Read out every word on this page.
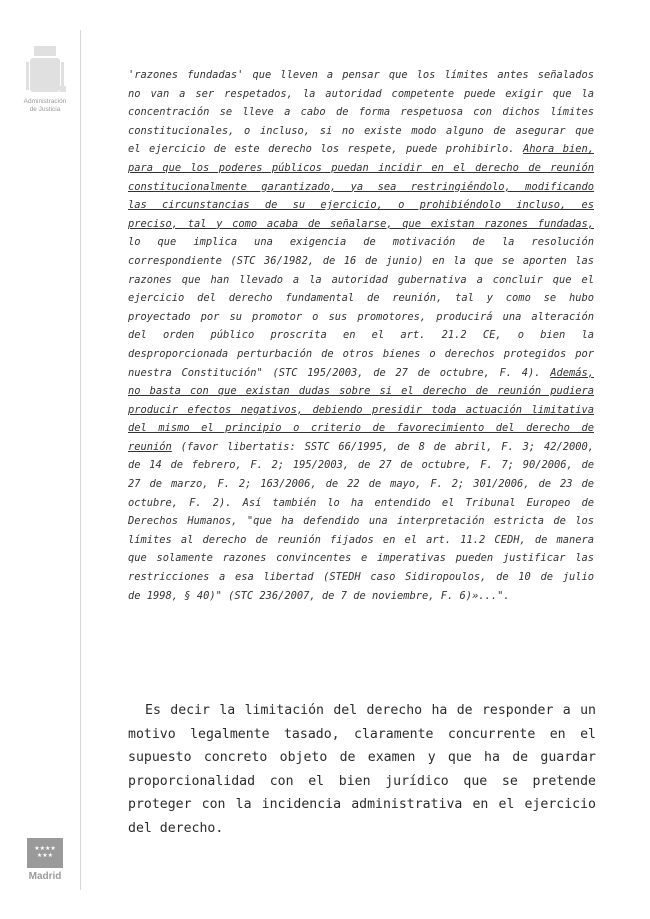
Administración de Justicia
★★★★
★★★
Madrid
'razones fundadas' que lleven a pensar que los límites antes señalados
no van a ser respetados, la autoridad competente puede exigir que la
concentración se lleve a cabo de forma respetuosa con dichos límites
constitucionales, o incluso, si no existe modo alguno de asegurar que
el ejercicio de este derecho los respete, puede prohibirlo. Ahora bien,
para que los poderes públicos puedan incidir en el derecho de reunión
constitucionalmente garantizado, ya sea restringiéndolo, modificando
las circunstancias de su ejercicio, o prohibiéndolo incluso, es
preciso, tal y como acaba de señalarse, que existan razones fundadas,
lo que implica una exigencia de motivación de la resolución
correspondiente (STC 36/1982, de 16 de junio) en la que se aporten las
razones que han llevado a la autoridad gubernativa a concluir que el
ejercicio del derecho fundamental de reunión, tal y como se hubo
proyectado por su promotor o sus promotores, producirá una alteración
del orden público proscrita en el art. 21.2 CE, o bien la
desproporcionada perturbación de otros bienes o derechos protegidos por
nuestra Constitución" (STC 195/2003, de 27 de octubre, F. 4). Además,
no basta con que existan dudas sobre si el derecho de reunión pudiera
producir efectos negativos, debiendo presidir toda actuación limitativa
del mismo el principio o criterio de favorecimiento del derecho de
reunión (favor libertatis: SSTC 66/1995, de 8 de abril, F. 3; 42/2000,
de 14 de febrero, F. 2; 195/2003, de 27 de octubre, F. 7; 90/2006, de
27 de marzo, F. 2; 163/2006, de 22 de mayo, F. 2; 301/2006, de 23 de
octubre, F. 2). Así también lo ha entendido el Tribunal Europeo de
Derechos Humanos, "que ha defendido una interpretación estricta de los
límites al derecho de reunión fijados en el art. 11.2 CEDH, de manera
que solamente razones convincentes e imperativas pueden justificar las
restricciones a esa libertad (STEDH caso Sidiropoulos, de 10 de julio
de 1998, § 40)" (STC 236/2007, de 7 de noviembre, F. 6)»...".
Es decir la limitación del derecho ha de responder a un
motivo legalmente tasado, claramente concurrente en el
supuesto concreto objeto de examen y que ha de guardar
proporcionalidad con el bien jurídico que se pretende
proteger con la incidencia administrativa en el ejercicio
del derecho.
